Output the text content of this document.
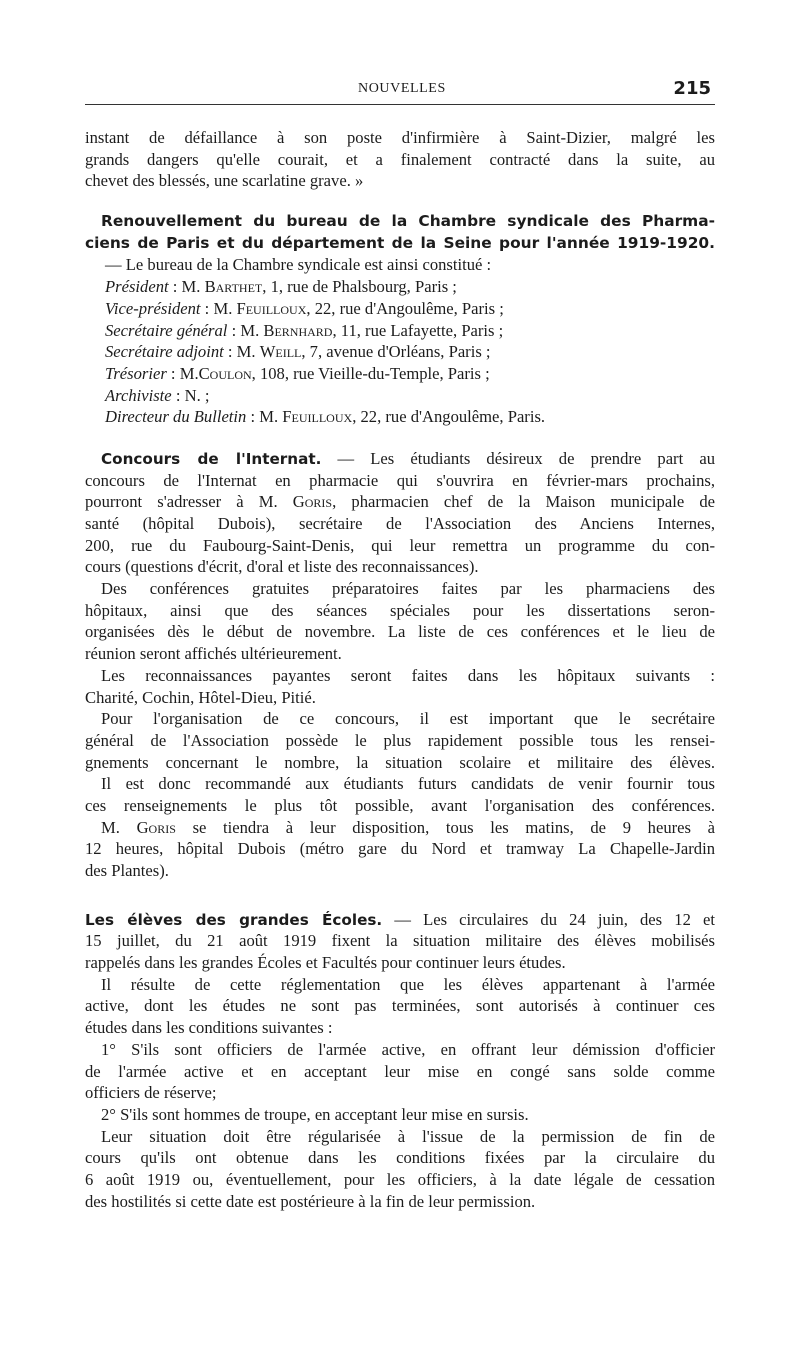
NOUVELLES	215
instant de défaillance à son poste d'infirmière à Saint-Dizier, malgré les
grands dangers qu'elle courait, et a finalement contracté dans la suite, au
chevet des blessés, une scarlatine grave. »
Renouvellement du bureau de la Chambre syndicale des Pharma-
ciens de Paris et du département de la Seine pour l'année 1919-1920.
— Le bureau de la Chambre syndicale est ainsi constitué :
Président : M. Barthet, 1, rue de Phalsbourg, Paris ;
Vice-président : M. Feuilloux, 22, rue d'Angoulême, Paris ;
Secrétaire général : M. Bernhard, 11, rue Lafayette, Paris ;
Secrétaire adjoint : M. Weill, 7, avenue d'Orléans, Paris ;
Trésorier : M.Coulon, 108, rue Vieille-du-Temple, Paris ;
Archiviste : N. ;
Directeur du Bulletin : M. Feuilloux, 22, rue d'Angoulême, Paris.
Concours de l'Internat. — Les étudiants désireux de prendre part au
concours de l'Internat en pharmacie qui s'ouvrira en février-mars prochains,
pourront s'adresser à M. Goris, pharmacien chef de la Maison municipale de
santé (hôpital Dubois), secrétaire de l'Association des Anciens Internes,
200, rue du Faubourg-Saint-Denis, qui leur remettra un programme du con-
cours (questions d'écrit, d'oral et liste des reconnaissances).
Des conférences gratuites préparatoires faites par les pharmaciens des
hôpitaux, ainsi que des séances spéciales pour les dissertations seron-
organisées dès le début de novembre. La liste de ces conférences et le lieu de
réunion seront affichés ultérieurement.
Les reconnaissances payantes seront faites dans les hôpitaux suivants :
Charité, Cochin, Hôtel-Dieu, Pitié.
Pour l'organisation de ce concours, il est important que le secrétaire
général de l'Association possède le plus rapidement possible tous les rensei-
gnements concernant le nombre, la situation scolaire et militaire des élèves.
Il est donc recommandé aux étudiants futurs candidats de venir fournir tous
ces renseignements le plus tôt possible, avant l'organisation des conférences.
M. Goris se tiendra à leur disposition, tous les matins, de 9 heures à
12 heures, hôpital Dubois (métro gare du Nord et tramway La Chapelle-Jardin
des Plantes).
Les élèves des grandes Écoles. — Les circulaires du 24 juin, des 12 et
15 juillet, du 21 août 1919 fixent la situation militaire des élèves mobilisés
rappelés dans les grandes Écoles et Facultés pour continuer leurs études.
Il résulte de cette réglementation que les élèves appartenant à l'armée
active, dont les études ne sont pas terminées, sont autorisés à continuer ces
études dans les conditions suivantes :
1° S'ils sont officiers de l'armée active, en offrant leur démission d'officier
de l'armée active et en acceptant leur mise en congé sans solde comme
officiers de réserve;
2° S'ils sont hommes de troupe, en acceptant leur mise en sursis.
Leur situation doit être régularisée à l'issue de la permission de fin de
cours qu'ils ont obtenue dans les conditions fixées par la circulaire du
6 août 1919 ou, éventuellement, pour les officiers, à la date légale de cessation
des hostilités si cette date est postérieure à la fin de leur permission.
